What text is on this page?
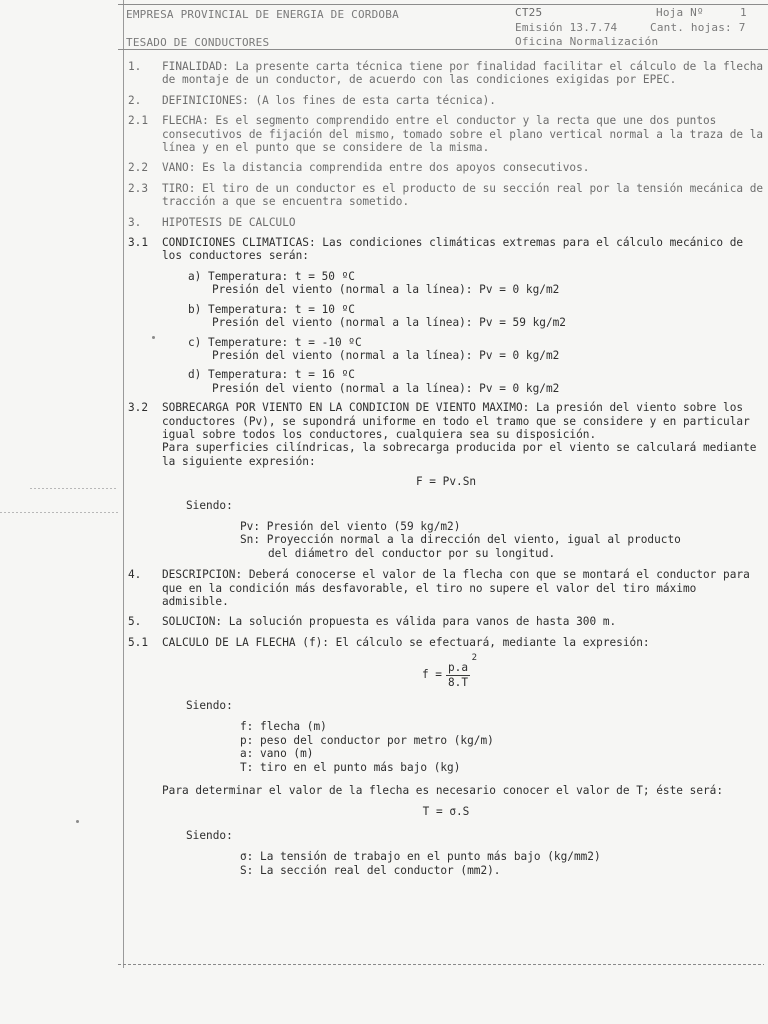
EMPRESA PROVINCIAL DE ENERGIA DE CORDOBA	CT25	Hoja Nº	1
Emisión 13.7.74	Cant. hojas: 7
Oficina Normalización
TESADO DE CONDUCTORES
1.	FINALIDAD: La presente carta técnica tiene por finalidad facilitar el cálculo de la flecha de montaje de un conductor, de acuerdo con las condiciones exigidas por EPEC.
2.	DEFINICIONES: (A los fines de esta carta técnica).
2.1	FLECHA: Es el segmento comprendido entre el conductor y la recta que une dos puntos consecutivos de fijación del mismo, tomado sobre el plano vertical normal a la traza de la línea y en el punto que se considere de la misma.
2.2	VANO: Es la distancia comprendida entre dos apoyos consecutivos.
2.3	TIRO: El tiro de un conductor es el producto de su sección real por la tensión mecánica de tracción a que se encuentra sometido.
3.	HIPOTESIS DE CALCULO
3.1	CONDICIONES CLIMATICAS: Las condiciones climáticas extremas para el cálculo mecánico de los conductores serán:
a) Temperatura: t = 50 ºC
Presión del viento (normal a la línea): Pv = 0 kg/m2
b) Temperatura: t = 10 ºC
Presión del viento (normal a la línea): Pv = 59 kg/m2
c) Temperature: t = -10 ºC
Presión del viento (normal a la línea): Pv = 0 kg/m2
d) Temperatura: t = 16 ºC
Presión del viento (normal a la línea): Pv = 0 kg/m2
3.2	SOBRECARGA POR VIENTO EN LA CONDICION DE VIENTO MAXIMO: La presión del viento sobre los conductores (Pv), se supondrá uniforme en todo el tramo que se considere y en particular igual sobre todos los conductores, cualquiera sea su disposición.
Para superficies cilíndricas, la sobrecarga producida por el viento se calculará mediante la siguiente expresión:
F = Pv.Sn
Siendo:
Pv: Presión del viento (59 kg/m2)
Sn: Proyección normal a la dirección del viento, igual al producto
del diámetro del conductor por su longitud.
4.	DESCRIPCION: Deberá conocerse el valor de la flecha con que se montará el conductor para que en la condición más desfavorable, el tiro no supere el valor del tiro máximo admisible.
5.	SOLUCION: La solución propuesta es válida para vanos de hasta 300 m.
5.1	CALCULO DE LA FLECHA (f): El cálculo se efectuará, mediante la expresión:
f = p.a
2
8.T
Siendo:
f: flecha (m)
p: peso del conductor por metro (kg/m)
a: vano (m)
T: tiro en el punto más bajo (kg)
Para determinar el valor de la flecha es necesario conocer el valor de T; éste será:
T = σ.S
Siendo:
σ: La tensión de trabajo en el punto más bajo (kg/mm2)
S: La sección real del conductor (mm2).
